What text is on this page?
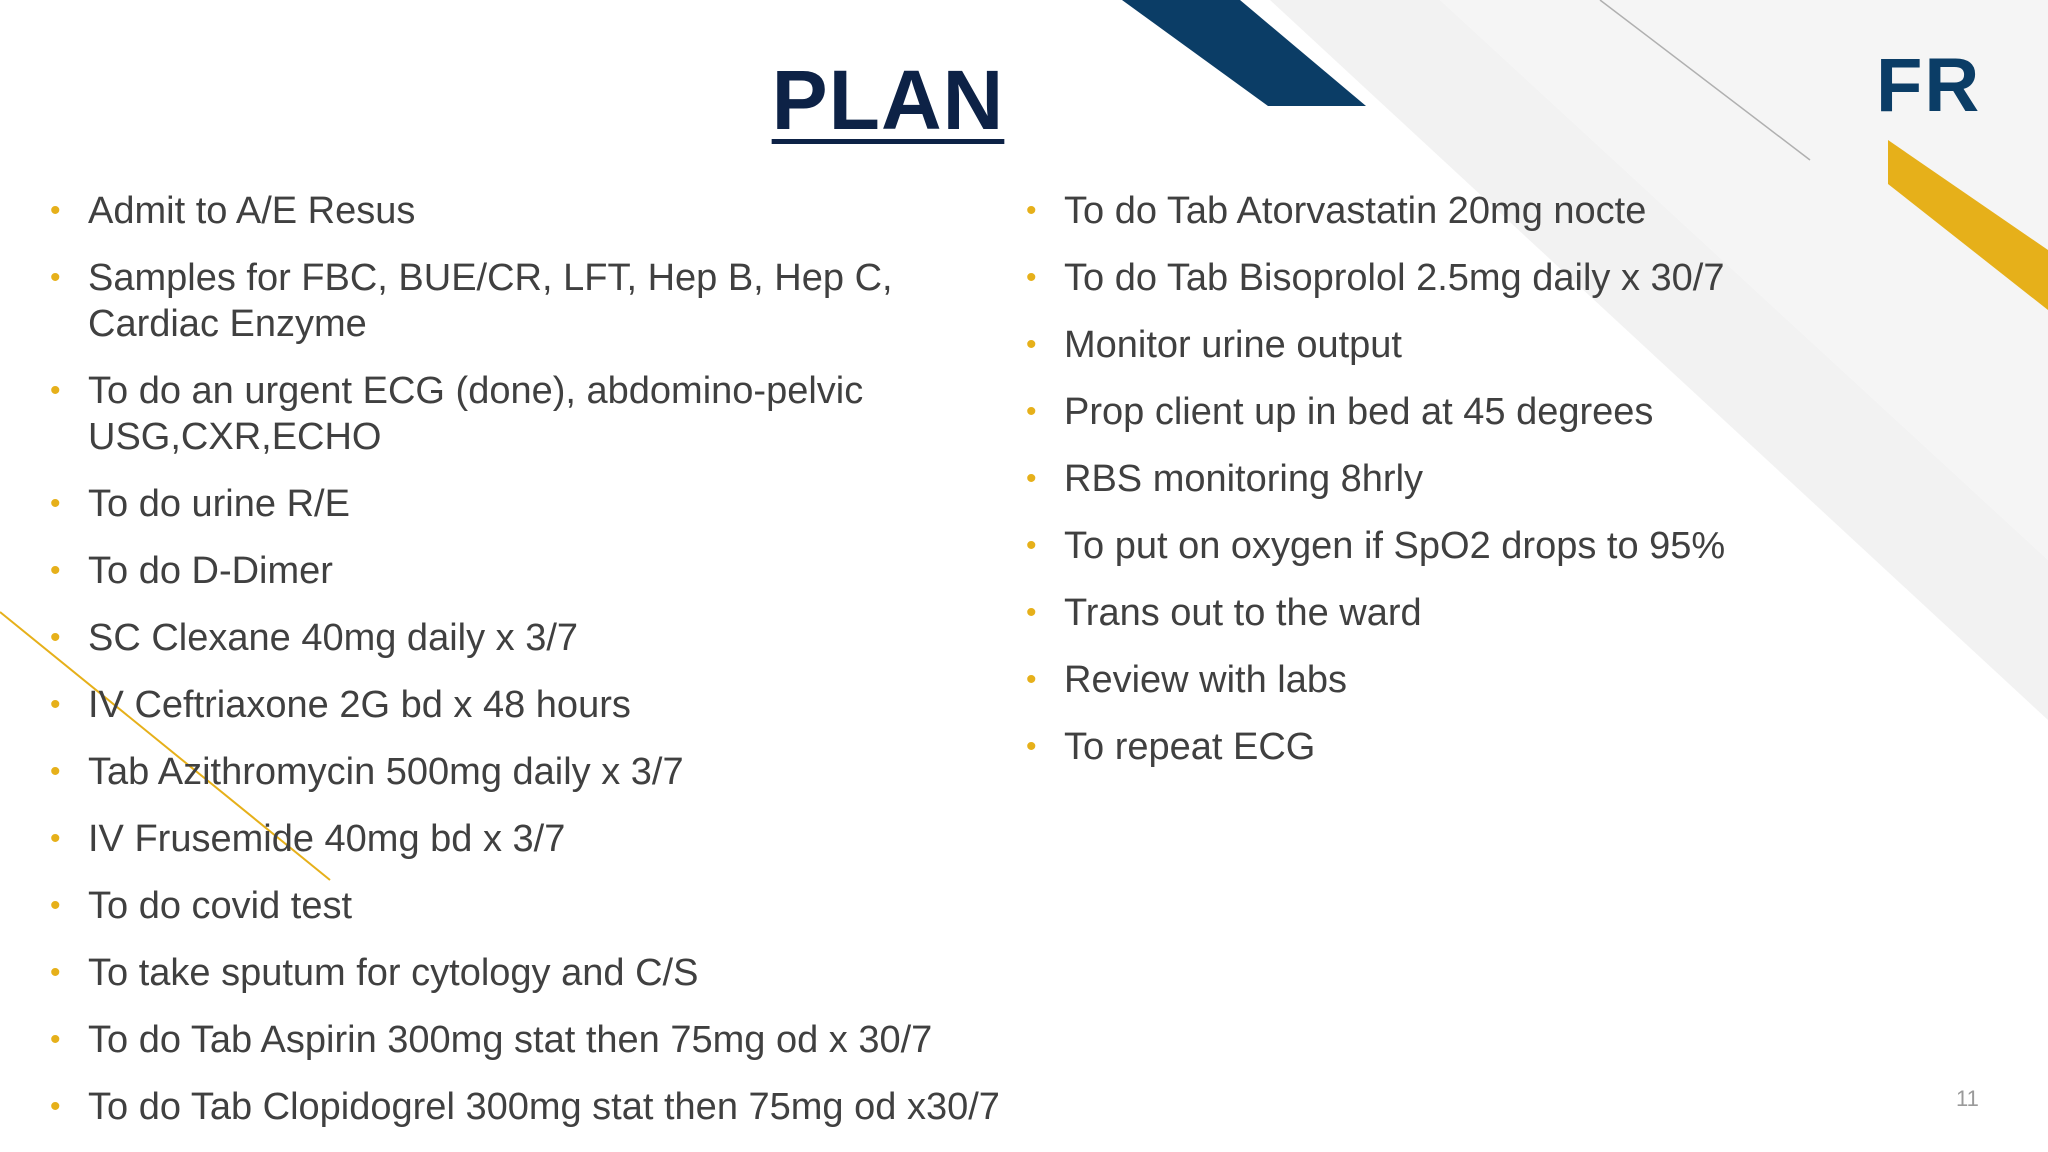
PLAN	FR
• Admit to A/E Resus
• Samples for FBC, BUE/CR, LFT, Hep B, Hep C, Cardiac Enzyme
• To do an urgent ECG (done), abdomino-pelvic USG,CXR,ECHO
• To do urine R/E
• To do D-Dimer
• SC Clexane 40mg daily x 3/7
• IV Ceftriaxone 2G bd x 48 hours
• Tab Azithromycin 500mg daily x 3/7
• IV Frusemide 40mg bd x 3/7
• To do covid test
• To take sputum for cytology and C/S
• To do Tab Aspirin 300mg stat then 75mg od x 30/7
• To do Tab Clopidogrel 300mg stat then 75mg od x30/7
• To do Tab Atorvastatin 20mg nocte
• To do Tab Bisoprolol 2.5mg daily x 30/7
• Monitor urine output
• Prop client up in bed at 45 degrees
• RBS monitoring 8hrly
• To put on oxygen if SpO2 drops to 95%
• Trans out to the ward
• Review with labs
• To repeat ECG
11
